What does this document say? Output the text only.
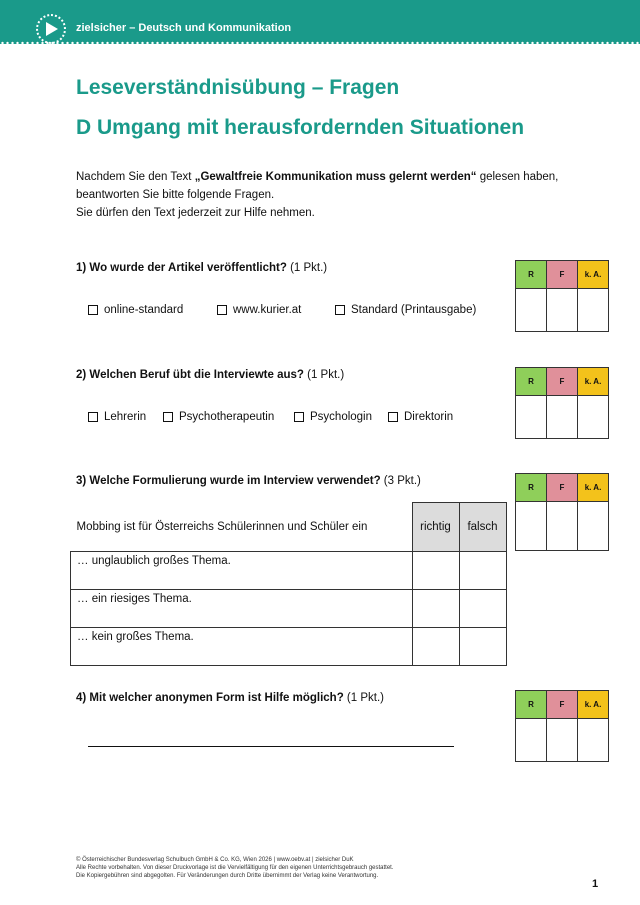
zielsicher – Deutsch und Kommunikation
Leseverständnisübung – Fragen
D Umgang mit herausfordernden Situationen
Nachdem Sie den Text „Gewaltfreie Kommunikation muss gelernt werden“ gelesen haben,
beantworten Sie bitte folgende Fragen.
Sie dürfen den Text jederzeit zur Hilfe nehmen.
1) Wo wurde der Artikel veröffentlicht? (1 Pkt.)
online-standard	www.kurier.at	Standard (Printausgabe)
R	F	k. A.

2) Welchen Beruf übt die Interviewte aus? (1 Pkt.)
Lehrerin	Psychotherapeutin	Psychologin	Direktorin
R	F	k. A.

3) Welche Formulierung wurde im Interview verwendet? (3 Pkt.)
R	F	k. A.

Mobbing ist für Österreichs Schülerinnen und Schüler ein	richtig	falsch
… unglaublich großes Thema.		
… ein riesiges Thema.		
… kein großes Thema.		
4) Mit welcher anonymen Form ist Hilfe möglich? (1 Pkt.)
R	F	k. A.

© Österreichischer Bundesverlag Schulbuch GmbH & Co. KG, Wien 2026 | www.oebv.at | zielsicher DuK
Alle Rechte vorbehalten. Von dieser Druckvorlage ist die Vervielfältigung für den eigenen Unterrichtsgebrauch gestattet.
Die Kopiergebühren sind abgegolten. Für Veränderungen durch Dritte übernimmt der Verlag keine Verantwortung.
1
